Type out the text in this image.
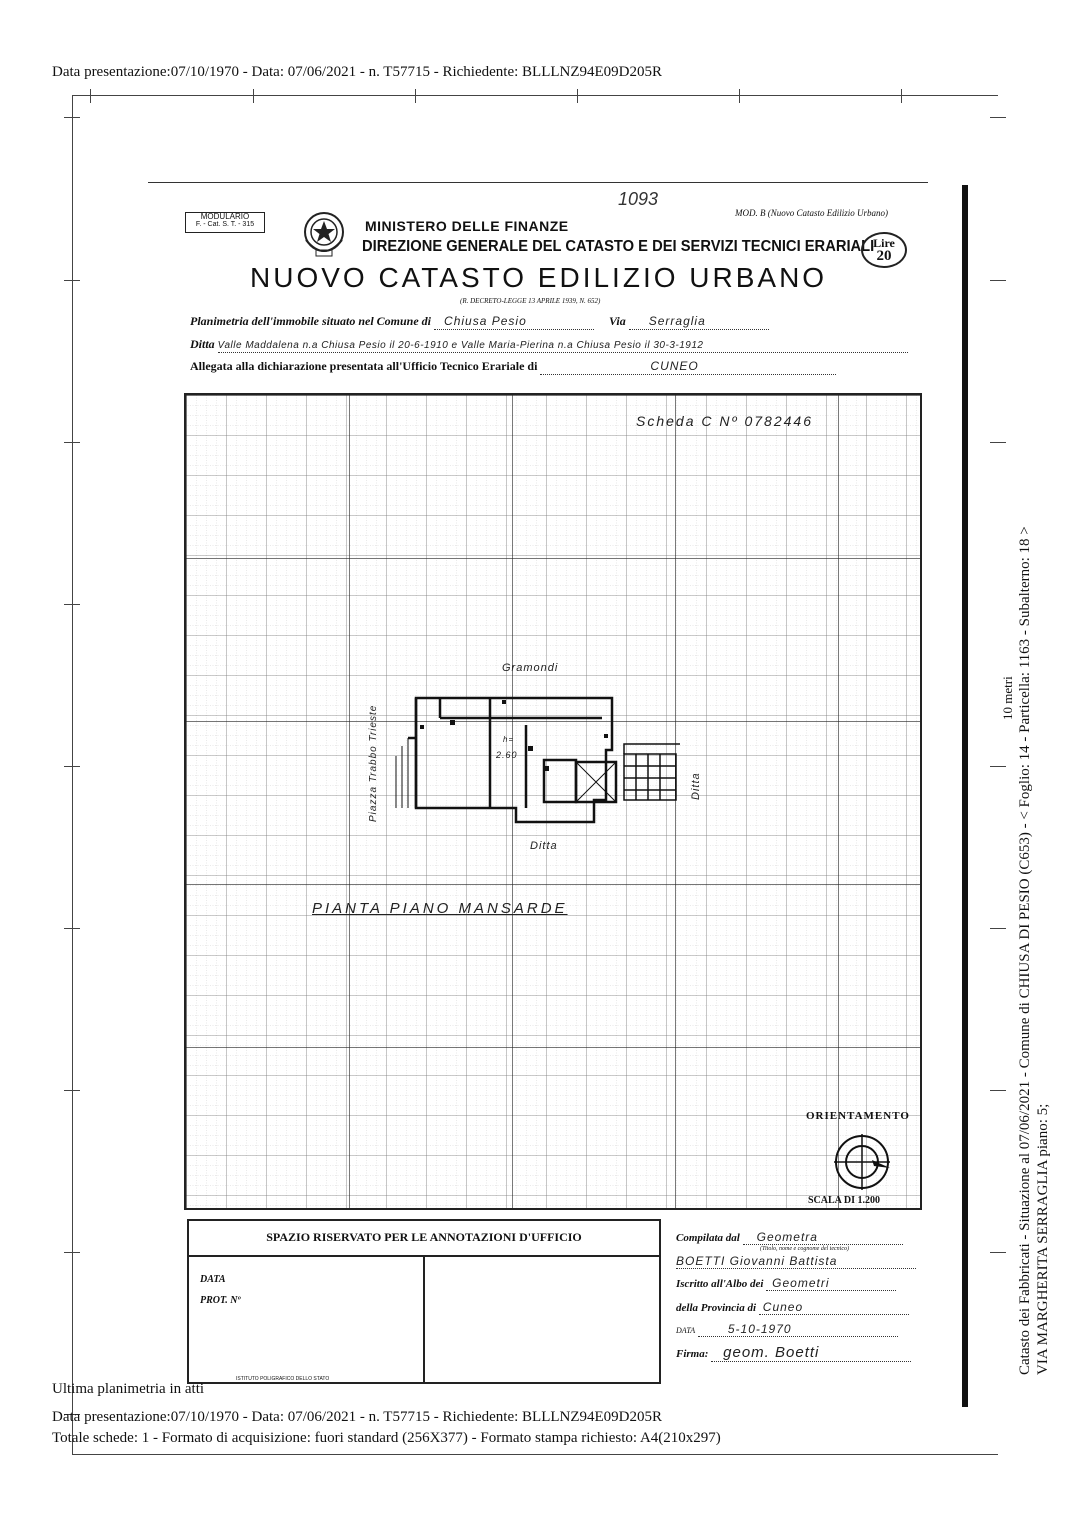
Data presentazione:07/10/1970 - Data: 07/06/2021 - n. T57715 - Richiedente: BLLLNZ94E09D205R
MODULARIO
F. - Cat. S. T. - 315
1093
MINISTERO DELLE FINANZE
DIREZIONE GENERALE DEL CATASTO E DEI SERVIZI TECNICI ERARIALI
MOD. B (Nuovo Catasto Edilizio Urbano)
Lire
20
NUOVO CATASTO EDILIZIO URBANO
(R. DECRETO-LEGGE 13 APRILE 1939, N. 652)
Planimetria dell'immobile situato nel Comune di Chiusa Pesio	Via Serraglia
Ditta Valle Maddalena n.a Chiusa Pesio il 20-6-1910 e Valle Maria-Pierina n.a Chiusa Pesio il 30-3-1912
Allegata alla dichiarazione presentata all'Ufficio Tecnico Erariale di	CUNEO
Scheda C Nº 0782446
Gramondi
Piazza Trabbo Trieste	Ditta
Ditta
h=
2.60
PIANTA PIANO MANSARDE
ORIENTAMENTO
SCALA DI 1.200
SPAZIO RISERVATO PER LE ANNOTAZIONI D'UFFICIO
DATA
PROT. Nº
Compilata dal Geometra
(Titolo, nome e cognome del tecnico)
BOETTI Giovanni Battista
Iscritto all'Albo dei Geometri
della Provincia di Cuneo
DATA	5-10-1970
Firma: geom. Boetti
ISTITUTO POLIGRAFICO DELLO STATO
Ultima planimetria in atti
Data presentazione:07/10/1970 - Data: 07/06/2021 - n. T57715 - Richiedente: BLLLNZ94E09D205R
Totale schede: 1 - Formato di acquisizione: fuori standard (256X377) - Formato stampa richiesto: A4(210x297)
Catasto dei Fabbricati - Situazione al 07/06/2021 - Comune di CHIUSA DI PESIO (C653) - < Foglio: 14 - Particella: 1163 - Subalterno: 18 > VIA MARGHERITA SERRAGLIA piano: 5;
10 metri
